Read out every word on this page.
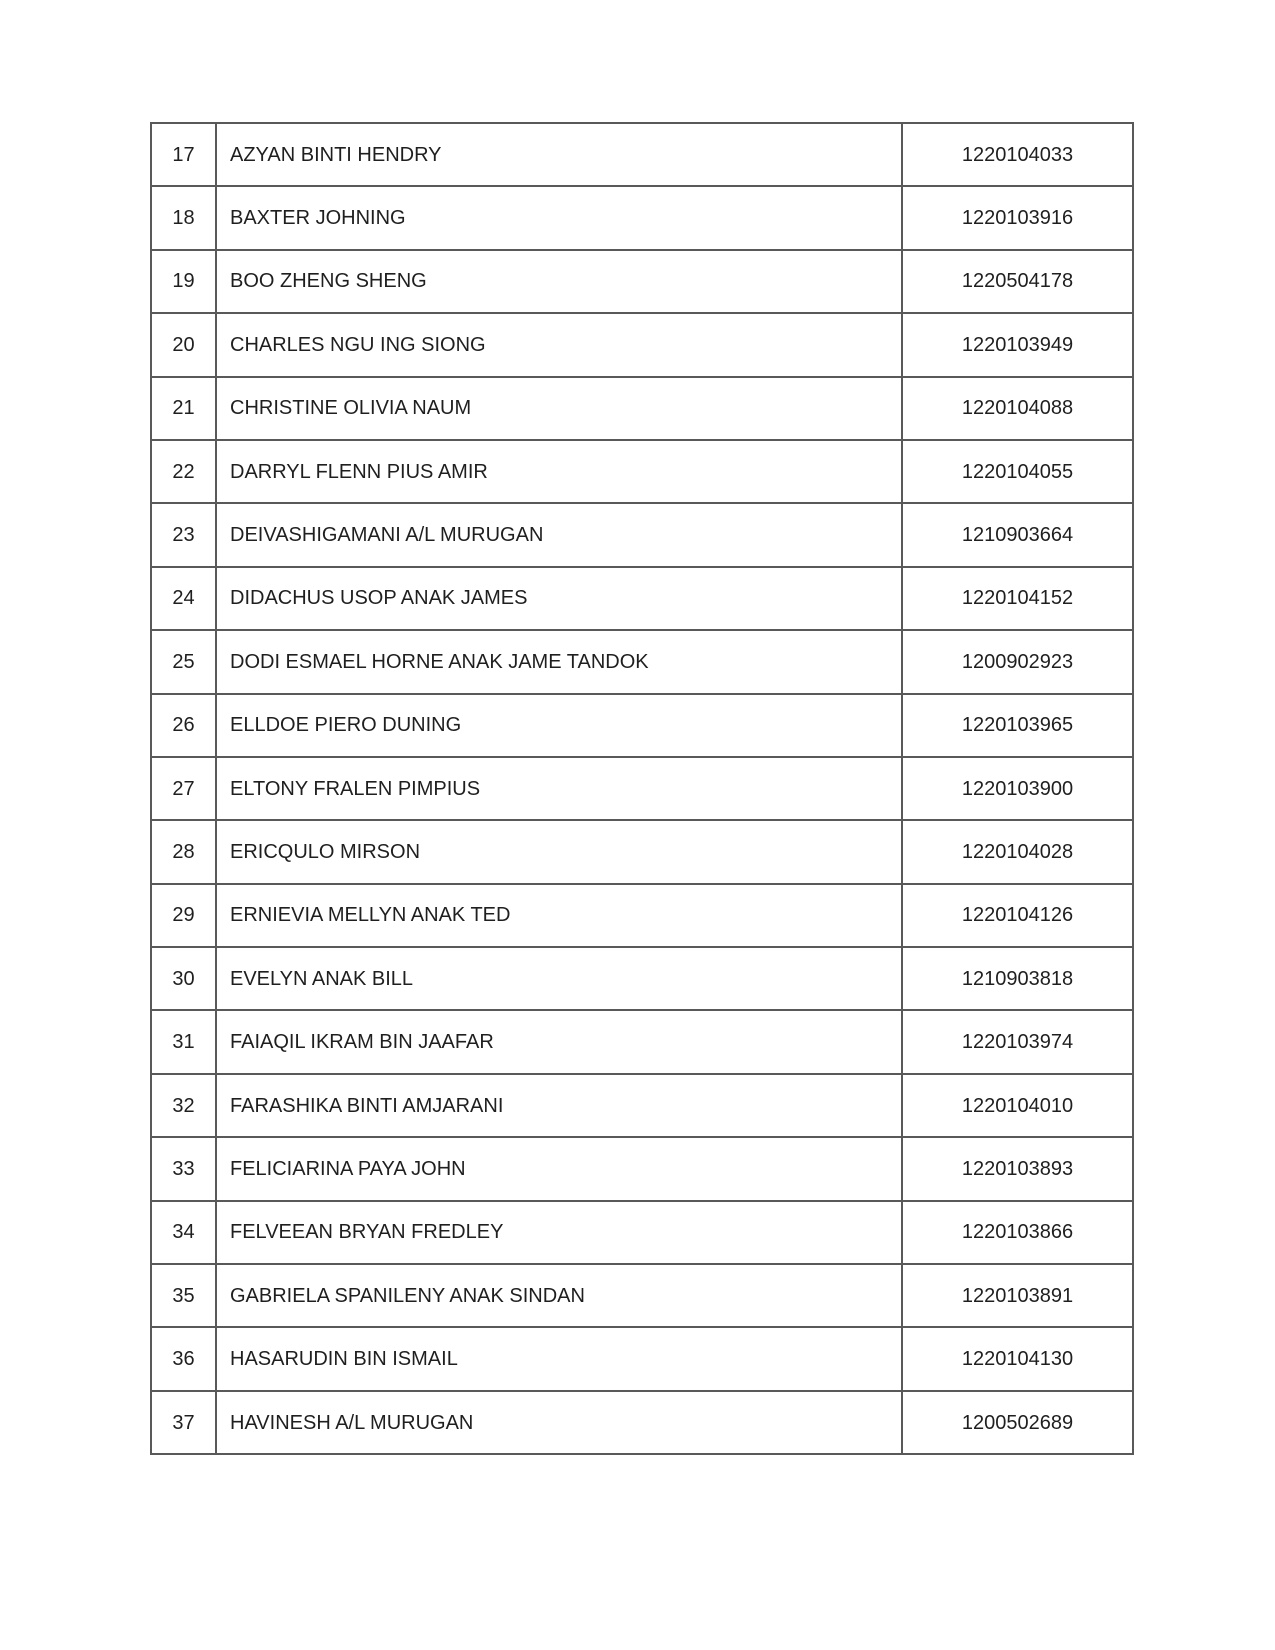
17	AZYAN BINTI HENDRY	1220104033
18	BAXTER JOHNING	1220103916
19	BOO ZHENG SHENG	1220504178
20	CHARLES NGU ING SIONG	1220103949
21	CHRISTINE OLIVIA NAUM	1220104088
22	DARRYL FLENN PIUS AMIR	1220104055
23	DEIVASHIGAMANI A/L MURUGAN	1210903664
24	DIDACHUS USOP ANAK JAMES	1220104152
25	DODI ESMAEL HORNE ANAK JAME TANDOK	1200902923
26	ELLDOE PIERO DUNING	1220103965
27	ELTONY FRALEN PIMPIUS	1220103900
28	ERICQULO MIRSON	1220104028
29	ERNIEVIA MELLYN ANAK TED	1220104126
30	EVELYN ANAK BILL	1210903818
31	FAIAQIL IKRAM BIN JAAFAR	1220103974
32	FARASHIKA BINTI AMJARANI	1220104010
33	FELICIARINA PAYA JOHN	1220103893
34	FELVEEAN BRYAN FREDLEY	1220103866
35	GABRIELA SPANILENY ANAK SINDAN	1220103891
36	HASARUDIN BIN ISMAIL	1220104130
37	HAVINESH A/L MURUGAN	1200502689
